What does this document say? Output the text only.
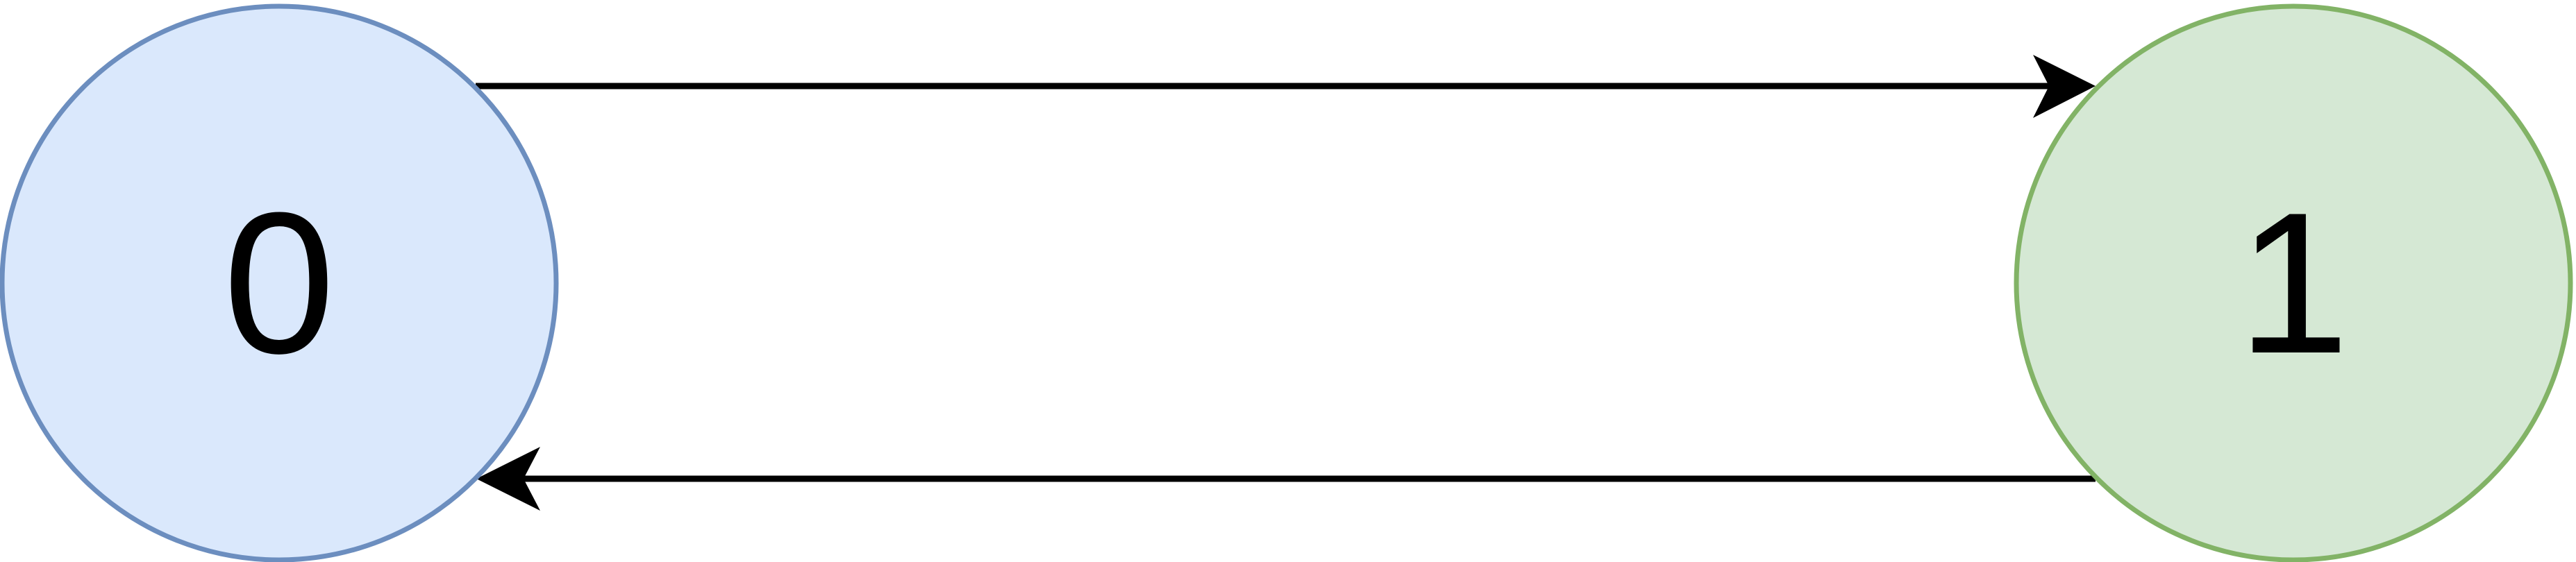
0	1
